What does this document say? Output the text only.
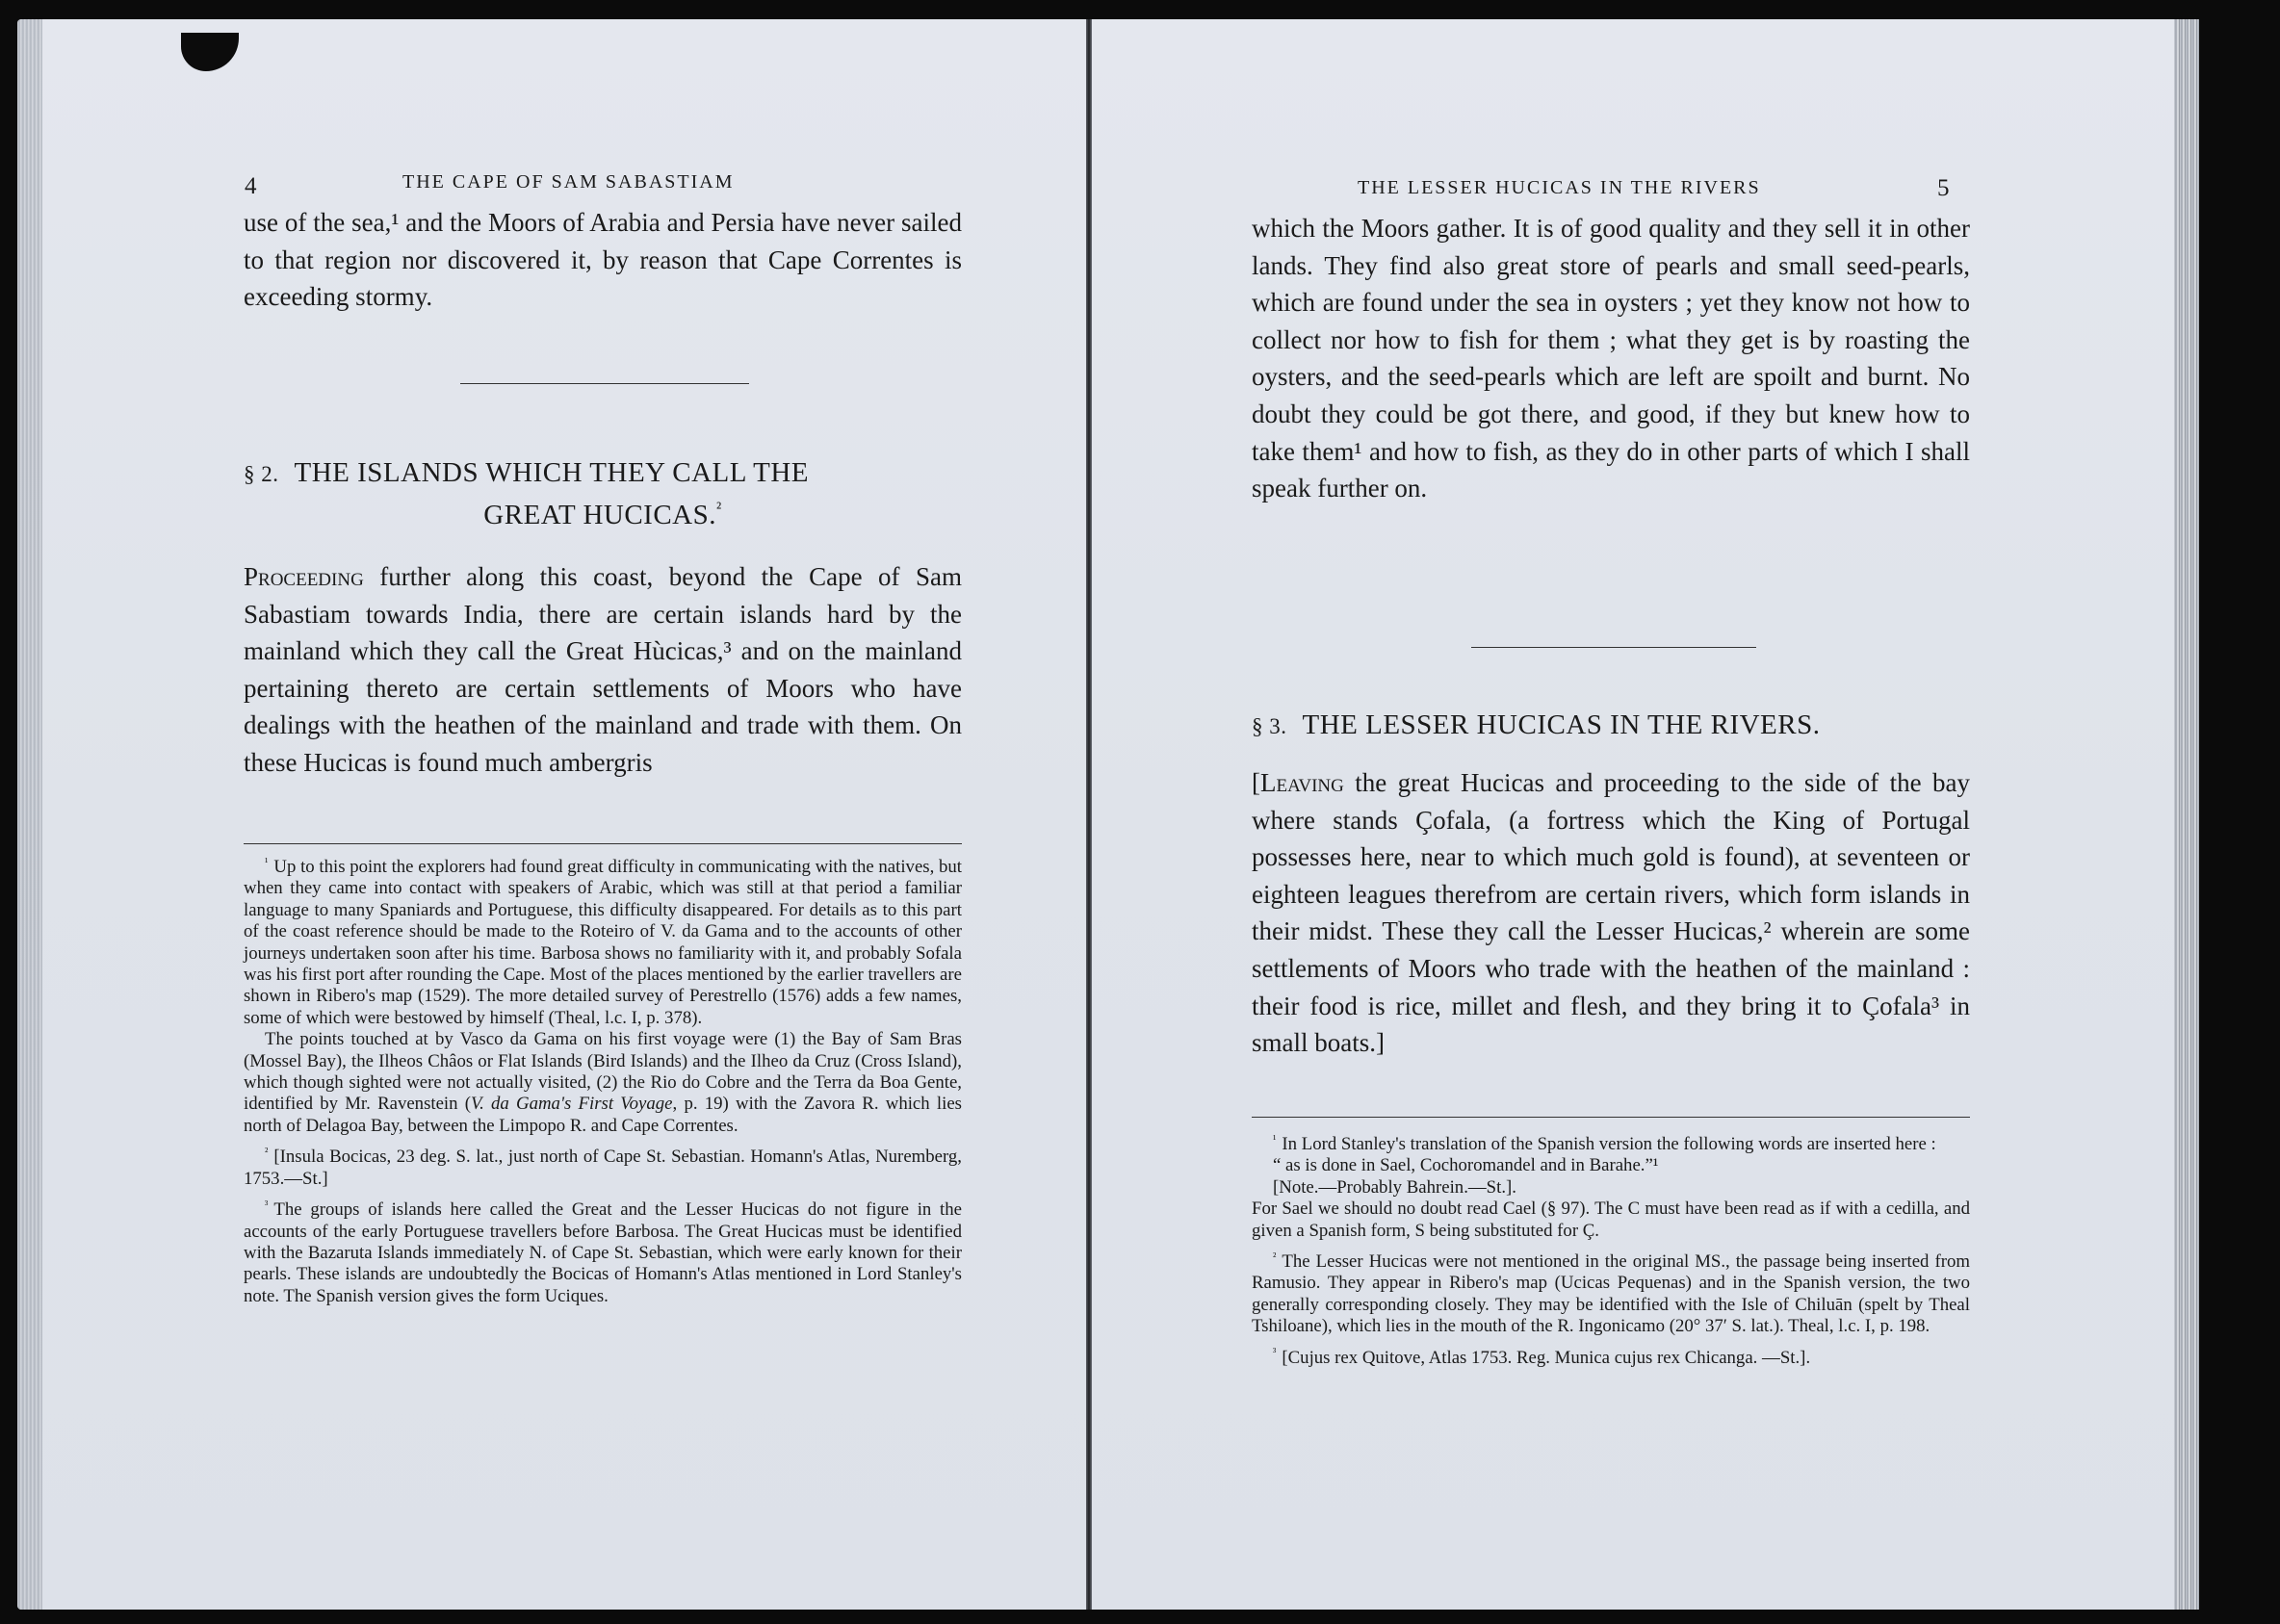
4	THE CAPE OF SAM SABASTIAM

use of the sea,¹ and the Moors of Arabia and Persia have never sailed to that region nor discovered it, by reason that Cape Correntes is exceeding stormy.

§ 2. THE ISLANDS WHICH THEY CALL THE
GREAT HUCICAS.$^{^2}$

Proceeding further along this coast, beyond the Cape of Sam Sabastiam towards India, there are certain islands hard by the mainland which they call the Great Hùcicas,³ and on the mainland pertaining thereto are certain settlements of Moors who have dealings with the heathen of the mainland and trade with them. On these Hucicas is found much ambergris

$^{^1}$ Up to this point the explorers had found great difficulty in communicating with the natives, but when they came into contact with speakers of Arabic, which was still at that period a familiar language to many Spaniards and Portuguese, this difficulty disappeared. For details as to this part of the coast reference should be made to the Roteiro of V. da Gama and to the accounts of other journeys undertaken soon after his time. Barbosa shows no familiarity with it, and probably Sofala was his first port after rounding the Cape. Most of the places mentioned by the earlier travellers are shown in Ribero's map (1529). The more detailed survey of Perestrello (1576) adds a few names, some of which were bestowed by himself (Theal, l.c. I, p. 378).

The points touched at by Vasco da Gama on his first voyage were (1) the Bay of Sam Bras (Mossel Bay), the Ilheos Châos or Flat Islands (Bird Islands) and the Ilheo da Cruz (Cross Island), which though sighted were not actually visited, (2) the Rio do Cobre and the Terra da Boa Gente, identified by Mr. Ravenstein (V. da Gama's First Voyage, p. 19) with the Zavora R. which lies north of Delagoa Bay, between the Limpopo R. and Cape Correntes.

$^{^2}$ [Insula Bocicas, 23 deg. S. lat., just north of Cape St. Sebastian. Homann's Atlas, Nuremberg, 1753.—St.]

$^{^3}$ The groups of islands here called the Great and the Lesser Hucicas do not figure in the accounts of the early Portuguese travellers before Barbosa. The Great Hucicas must be identified with the Bazaruta Islands immediately N. of Cape St. Sebastian, which were early known for their pearls. These islands are undoubtedly the Bocicas of Homann's Atlas mentioned in Lord Stanley's note. The Spanish version gives the form Uciques.

THE LESSER HUCICAS IN THE RIVERS	5

which the Moors gather. It is of good quality and they sell it in other lands. They find also great store of pearls and small seed-pearls, which are found under the sea in oysters ; yet they know not how to collect nor how to fish for them ; what they get is by roasting the oysters, and the seed-pearls which are left are spoilt and burnt. No doubt they could be got there, and good, if they but knew how to take them¹ and how to fish, as they do in other parts of which I shall speak further on.

§ 3. THE LESSER HUCICAS IN THE RIVERS.

[Leaving the great Hucicas and proceeding to the side of the bay where stands Çofala, (a fortress which the King of Portugal possesses here, near to which much gold is found), at seventeen or eighteen leagues therefrom are certain rivers, which form islands in their midst. These they call the Lesser Hucicas,² wherein are some settlements of Moors who trade with the heathen of the mainland : their food is rice, millet and flesh, and they bring it to Çofala³ in small boats.]

$^{^1}$ In Lord Stanley's translation of the Spanish version the following words are inserted here :

“ as is done in Sael, Cochoromandel and in Barahe.”¹

[Note.—Probably Bahrein.—St.].

For Sael we should no doubt read Cael (§ 97). The C must have been read as if with a cedilla, and given a Spanish form, S being substituted for Ç.

$^{^2}$ The Lesser Hucicas were not mentioned in the original MS., the passage being inserted from Ramusio. They appear in Ribero's map (Ucicas Pequenas) and in the Spanish version, the two generally corresponding closely. They may be identified with the Isle of Chiluān (spelt by Theal Tshiloane), which lies in the mouth of the R. Ingonicamo (20° 37′ S. lat.). Theal, l.c. I, p. 198.

$^{^3}$ [Cujus rex Quitove, Atlas 1753. Reg. Munica cujus rex Chicanga. —St.].
